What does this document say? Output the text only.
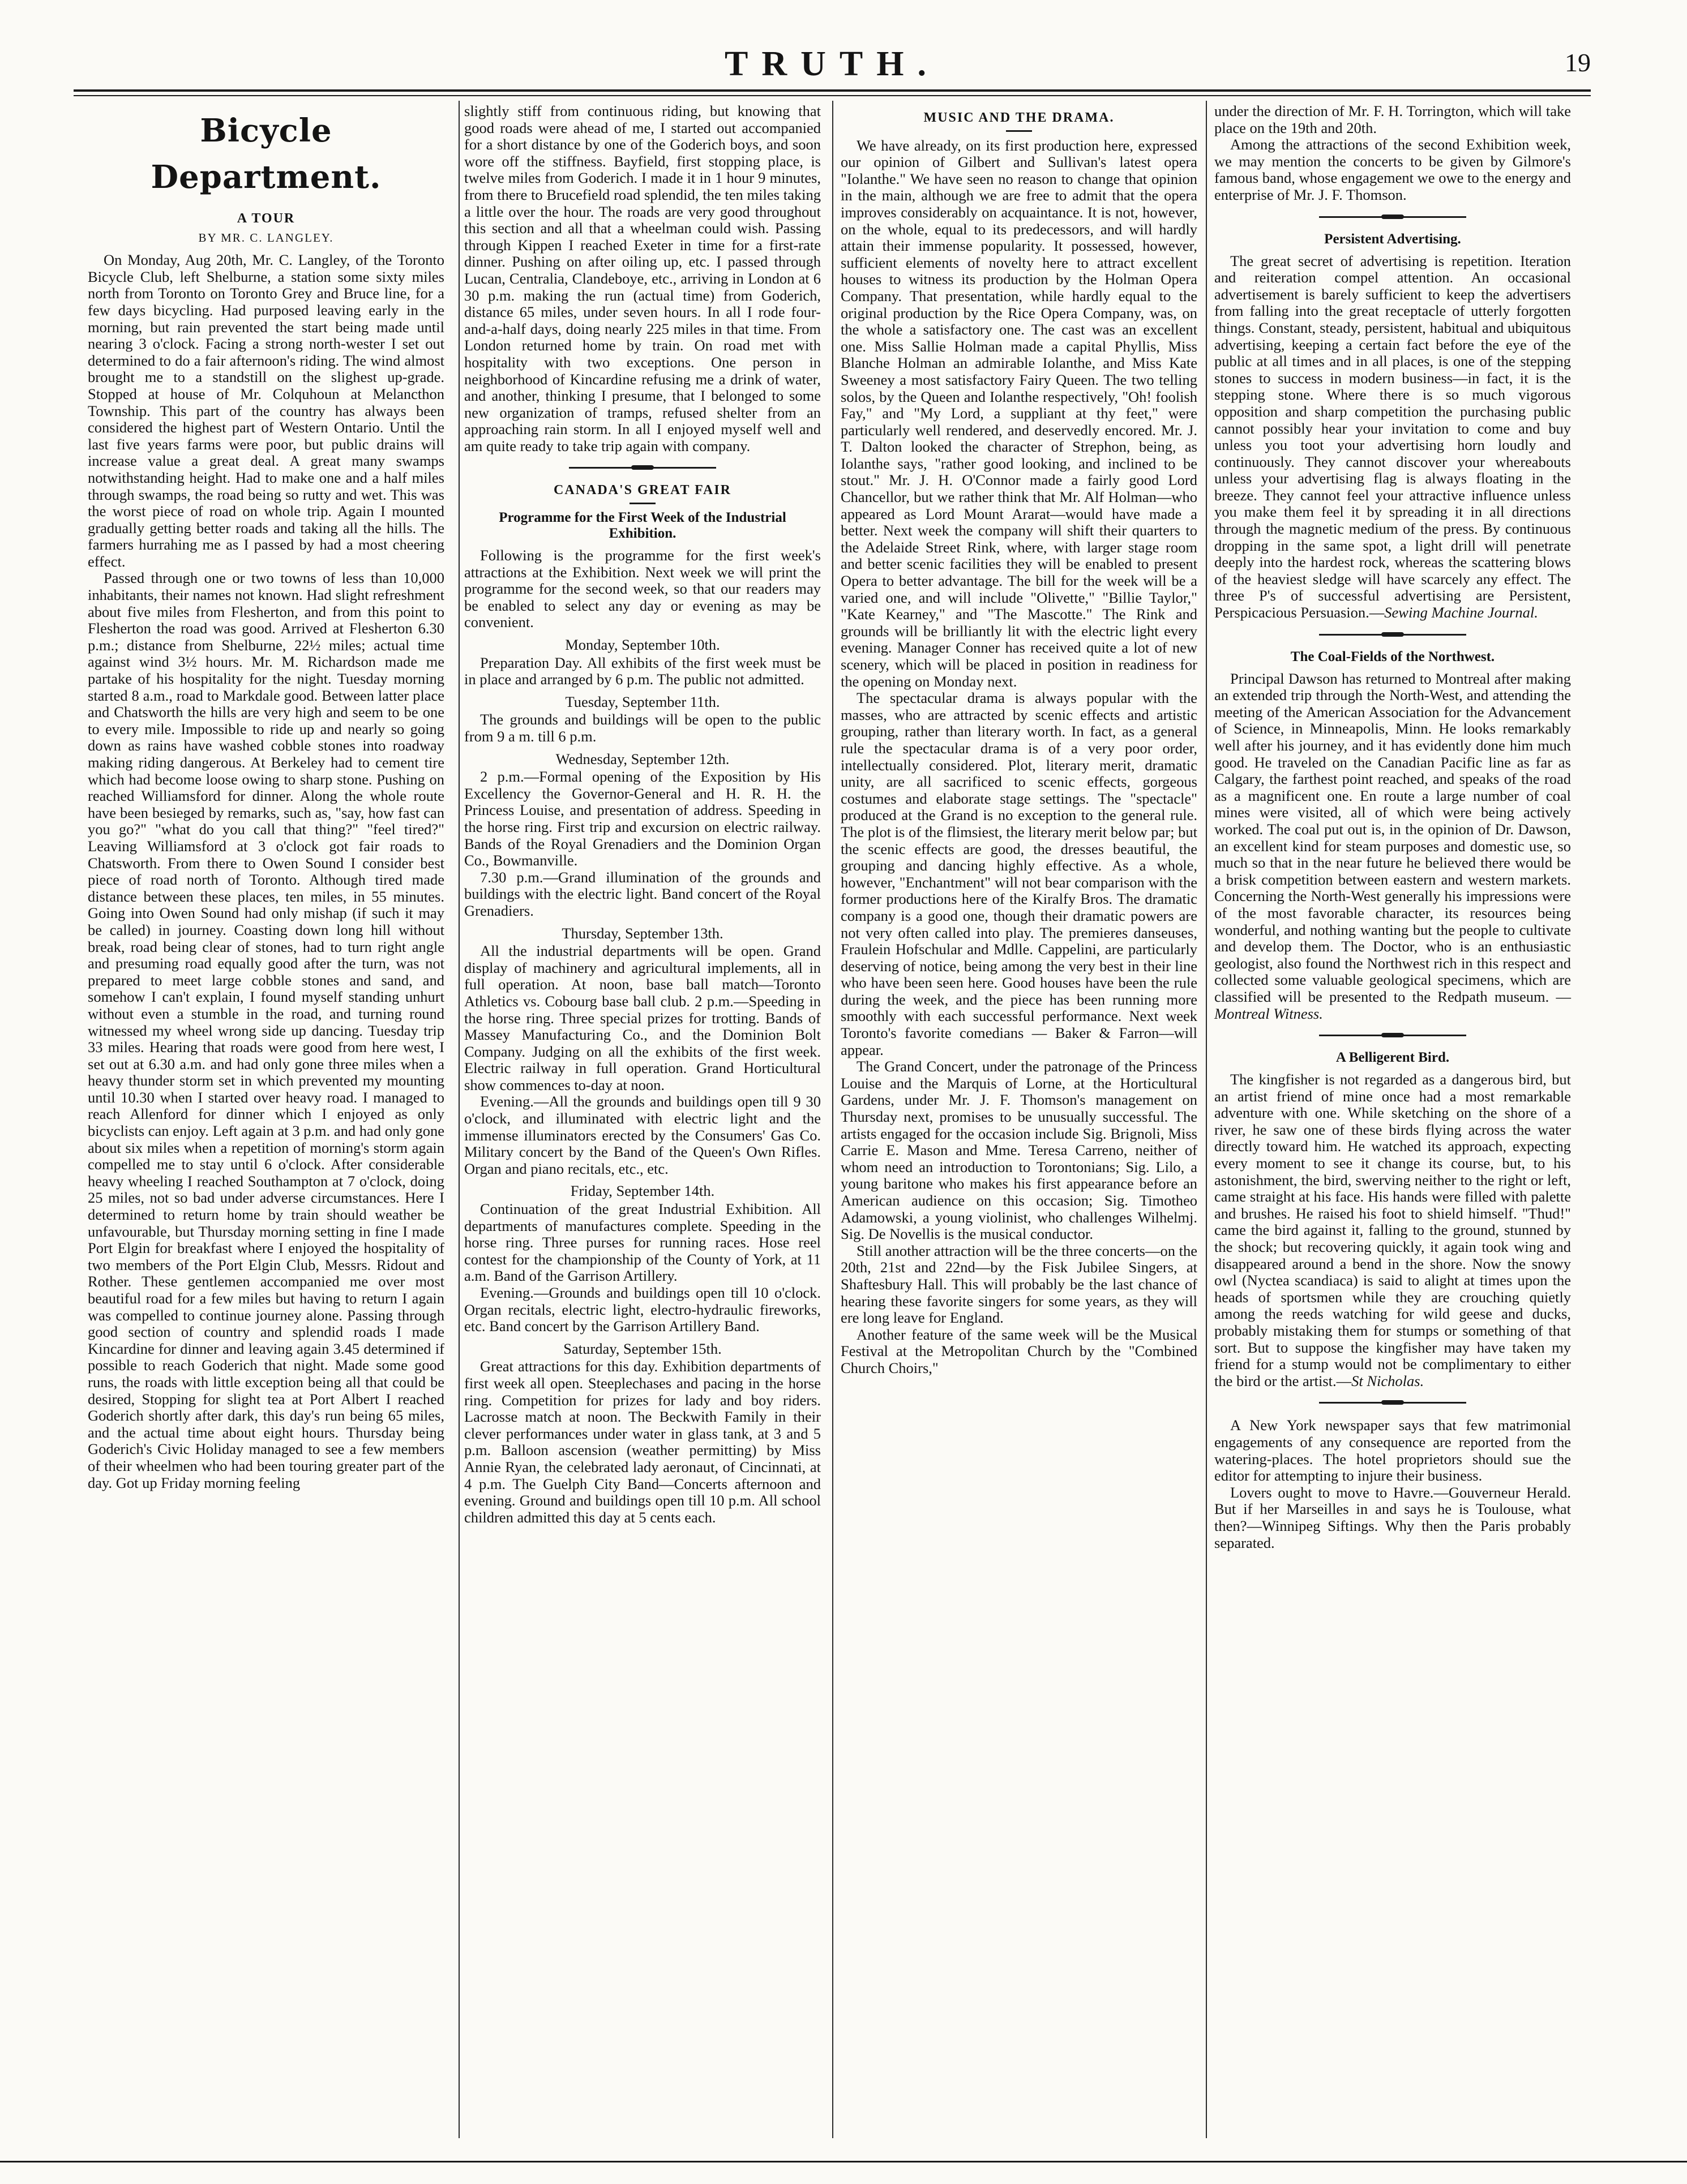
TRUTH.	19
Bicycle Department.
A TOUR
BY MR. C. LANGLEY.

On Monday, Aug 20th, Mr. C. Langley, of the Toronto Bicycle Club, left Shelburne, a station some sixty miles north from Toronto on Toronto Grey and Bruce line, for a few days bicycling. Had purposed leaving early in the morning, but rain prevented the start being made until nearing 3 o'clock. Facing a strong north-wester I set out determined to do a fair afternoon's riding. The wind almost brought me to a standstill on the slighest up-grade. Stopped at house of Mr. Colquhoun at Melancthon Township. This part of the country has always been considered the highest part of Western Ontario. Until the last five years farms were poor, but public drains will increase value a great deal. A great many swamps notwithstanding height. Had to make one and a half miles through swamps, the road being so rutty and wet. This was the worst piece of road on whole trip. Again I mounted gradually getting better roads and taking all the hills. The farmers hurrahing me as I passed by had a most cheering effect.

Passed through one or two towns of less than 10,000 inhabitants, their names not known. Had slight refreshment about five miles from Flesherton, and from this point to Flesherton the road was good. Arrived at Flesherton 6.30 p.m.; distance from Shelburne, 22½ miles; actual time against wind 3½ hours. Mr. M. Richardson made me partake of his hospitality for the night. Tuesday morning started 8 a.m., road to Markdale good. Between latter place and Chatsworth the hills are very high and seem to be one to every mile. Impossible to ride up and nearly so going down as rains have washed cobble stones into roadway making riding dangerous. At Berkeley had to cement tire which had become loose owing to sharp stone. Pushing on reached Williamsford for dinner. Along the whole route have been besieged by remarks, such as, "say, how fast can you go?" "what do you call that thing?" "feel tired?" Leaving Williamsford at 3 o'clock got fair roads to Chatsworth. From there to Owen Sound I consider best piece of road north of Toronto. Although tired made distance between these places, ten miles, in 55 minutes. Going into Owen Sound had only mishap (if such it may be called) in journey. Coasting down long hill without break, road being clear of stones, had to turn right angle and presuming road equally good after the turn, was not prepared to meet large cobble stones and sand, and somehow I can't explain, I found myself standing unhurt without even a stumble in the road, and turning round witnessed my wheel wrong side up dancing. Tuesday trip 33 miles. Hearing that roads were good from here west, I set out at 6.30 a.m. and had only gone three miles when a heavy thunder storm set in which prevented my mounting until 10.30 when I started over heavy road. I managed to reach Allenford for dinner which I enjoyed as only bicyclists can enjoy. Left again at 3 p.m. and had only gone about six miles when a repetition of morning's storm again compelled me to stay until 6 o'clock. After considerable heavy wheeling I reached Southampton at 7 o'clock, doing 25 miles, not so bad under adverse circumstances. Here I determined to return home by train should weather be unfavourable, but Thursday morning setting in fine I made Port Elgin for breakfast where I enjoyed the hospitality of two members of the Port Elgin Club, Messrs. Ridout and Rother. These gentlemen accompanied me over most beautiful road for a few miles but having to return I again was compelled to continue journey alone. Passing through good section of country and splendid roads I made Kincardine for dinner and leaving again 3.45 determined if possible to reach Goderich that night. Made some good runs, the roads with little exception being all that could be desired, Stopping for slight tea at Port Albert I reached Goderich shortly after dark, this day's run being 65 miles, and the actual time about eight hours. Thursday being Goderich's Civic Holiday managed to see a few members of their wheelmen who had been touring greater part of the day. Got up Friday morning feeling

slightly stiff from continuous riding, but knowing that good roads were ahead of me, I started out accompanied for a short distance by one of the Goderich boys, and soon wore off the stiffness. Bayfield, first stopping place, is twelve miles from Goderich. I made it in 1 hour 9 minutes, from there to Brucefield road splendid, the ten miles taking a little over the hour. The roads are very good throughout this section and all that a wheelman could wish. Passing through Kippen I reached Exeter in time for a first-rate dinner. Pushing on after oiling up, etc. I passed through Lucan, Centralia, Clandeboye, etc., arriving in London at 6 30 p.m. making the run (actual time) from Goderich, distance 65 miles, under seven hours. In all I rode four-and-a-half days, doing nearly 225 miles in that time. From London returned home by train. On road met with hospitality with two exceptions. One person in neighborhood of Kincardine refusing me a drink of water, and another, thinking I presume, that I belonged to some new organization of tramps, refused shelter from an approaching rain storm. In all I enjoyed myself well and am quite ready to take trip again with company.

CANADA'S GREAT FAIR
Programme for the First Week of the Industrial Exhibition.

Following is the programme for the first week's attractions at the Exhibition. Next week we will print the programme for the second week, so that our readers may be enabled to select any day or evening as may be convenient.

Monday, September 10th.

Preparation Day. All exhibits of the first week must be in place and arranged by 6 p.m. The public not admitted.

Tuesday, September 11th.

The grounds and buildings will be open to the public from 9 a m. till 6 p.m.

Wednesday, September 12th.

2 p.m.—Formal opening of the Exposition by His Excellency the Governor-General and H. R. H. the Princess Louise, and presentation of address. Speeding in the horse ring. First trip and excursion on electric railway. Bands of the Royal Grenadiers and the Dominion Organ Co., Bowmanville.

7.30 p.m.—Grand illumination of the grounds and buildings with the electric light. Band concert of the Royal Grenadiers.

Thursday, September 13th.

All the industrial departments will be open. Grand display of machinery and agricultural implements, all in full operation. At noon, base ball match—Toronto Athletics vs. Cobourg base ball club. 2 p.m.—Speeding in the horse ring. Three special prizes for trotting. Bands of Massey Manufacturing Co., and the Dominion Bolt Company. Judging on all the exhibits of the first week. Electric railway in full operation. Grand Horticultural show commences to-day at noon.

Evening.—All the grounds and buildings open till 9 30 o'clock, and illuminated with electric light and the immense illuminators erected by the Consumers' Gas Co. Military concert by the Band of the Queen's Own Rifles. Organ and piano recitals, etc., etc.

Friday, September 14th.

Continuation of the great Industrial Exhibition. All departments of manufactures complete. Speeding in the horse ring. Three purses for running races. Hose reel contest for the championship of the County of York, at 11 a.m. Band of the Garrison Artillery.

Evening.—Grounds and buildings open till 10 o'clock. Organ recitals, electric light, electro-hydraulic fireworks, etc. Band concert by the Garrison Artillery Band.

Saturday, September 15th.

Great attractions for this day. Exhibition departments of first week all open. Steeplechases and pacing in the horse ring. Competition for prizes for lady and boy riders. Lacrosse match at noon. The Beckwith Family in their clever performances under water in glass tank, at 3 and 5 p.m. Balloon ascension (weather permitting) by Miss Annie Ryan, the celebrated lady aeronaut, of Cincinnati, at 4 p.m. The Guelph City Band—Concerts afternoon and evening. Ground and buildings open till 10 p.m. All school children admitted this day at 5 cents each.

MUSIC AND THE DRAMA.

We have already, on its first production here, expressed our opinion of Gilbert and Sullivan's latest opera "Iolanthe." We have seen no reason to change that opinion in the main, although we are free to admit that the opera improves considerably on acquaintance. It is not, however, on the whole, equal to its predecessors, and will hardly attain their immense popularity. It possessed, however, sufficient elements of novelty here to attract excellent houses to witness its production by the Holman Opera Company. That presentation, while hardly equal to the original production by the Rice Opera Company, was, on the whole a satisfactory one. The cast was an excellent one. Miss Sallie Holman made a capital Phyllis, Miss Blanche Holman an admirable Iolanthe, and Miss Kate Sweeney a most satisfactory Fairy Queen. The two telling solos, by the Queen and Iolanthe respectively, "Oh! foolish Fay," and "My Lord, a suppliant at thy feet," were particularly well rendered, and deservedly encored. Mr. J. T. Dalton looked the character of Strephon, being, as Iolanthe says, "rather good looking, and inclined to be stout." Mr. J. H. O'Connor made a fairly good Lord Chancellor, but we rather think that Mr. Alf Holman—who appeared as Lord Mount Ararat—would have made a better. Next week the company will shift their quarters to the Adelaide Street Rink, where, with larger stage room and better scenic facilities they will be enabled to present Opera to better advantage. The bill for the week will be a varied one, and will include "Olivette," "Billie Taylor," "Kate Kearney," and "The Mascotte." The Rink and grounds will be brilliantly lit with the electric light every evening. Manager Conner has received quite a lot of new scenery, which will be placed in position in readiness for the opening on Monday next.

The spectacular drama is always popular with the masses, who are attracted by scenic effects and artistic grouping, rather than literary worth. In fact, as a general rule the spectacular drama is of a very poor order, intellectually considered. Plot, literary merit, dramatic unity, are all sacrificed to scenic effects, gorgeous costumes and elaborate stage settings. The "spectacle" produced at the Grand is no exception to the general rule. The plot is of the flimsiest, the literary merit below par; but the scenic effects are good, the dresses beautiful, the grouping and dancing highly effective. As a whole, however, "Enchantment" will not bear comparison with the former productions here of the Kiralfy Bros. The dramatic company is a good one, though their dramatic powers are not very often called into play. The premieres danseuses, Fraulein Hofschular and Mdlle. Cappelini, are particularly deserving of notice, being among the very best in their line who have been seen here. Good houses have been the rule during the week, and the piece has been running more smoothly with each successful performance. Next week Toronto's favorite comedians — Baker & Farron—will appear.

The Grand Concert, under the patronage of the Princess Louise and the Marquis of Lorne, at the Horticultural Gardens, under Mr. J. F. Thomson's management on Thursday next, promises to be unusually successful. The artists engaged for the occasion include Sig. Brignoli, Miss Carrie E. Mason and Mme. Teresa Carreno, neither of whom need an introduction to Torontonians; Sig. Lilo, a young baritone who makes his first appearance before an American audience on this occasion; Sig. Timotheo Adamowski, a young violinist, who challenges Wilhelmj. Sig. De Novellis is the musical conductor.

Still another attraction will be the three concerts—on the 20th, 21st and 22nd—by the Fisk Jubilee Singers, at Shaftesbury Hall. This will probably be the last chance of hearing these favorite singers for some years, as they will ere long leave for England.

Another feature of the same week will be the Musical Festival at the Metropolitan Church by the "Combined Church Choirs,"

under the direction of Mr. F. H. Torrington, which will take place on the 19th and 20th.

Among the attractions of the second Exhibition week, we may mention the concerts to be given by Gilmore's famous band, whose engagement we owe to the energy and enterprise of Mr. J. F. Thomson.

Persistent Advertising.

The great secret of advertising is repetition. Iteration and reiteration compel attention. An occasional advertisement is barely sufficient to keep the advertisers from falling into the great receptacle of utterly forgotten things. Constant, steady, persistent, habitual and ubiquitous advertising, keeping a certain fact before the eye of the public at all times and in all places, is one of the stepping stones to success in modern business—in fact, it is the stepping stone. Where there is so much vigorous opposition and sharp competition the purchasing public cannot possibly hear your invitation to come and buy unless you toot your advertising horn loudly and continuously. They cannot discover your whereabouts unless your advertising flag is always floating in the breeze. They cannot feel your attractive influence unless you make them feel it by spreading it in all directions through the magnetic medium of the press. By continuous dropping in the same spot, a light drill will penetrate deeply into the hardest rock, whereas the scattering blows of the heaviest sledge will have scarcely any effect. The three P's of successful advertising are Persistent, Perspicacious Persuasion.—Sewing Machine Journal.

The Coal-Fields of the Northwest.

Principal Dawson has returned to Montreal after making an extended trip through the North-West, and attending the meeting of the American Association for the Advancement of Science, in Minneapolis, Minn. He looks remarkably well after his journey, and it has evidently done him much good. He traveled on the Canadian Pacific line as far as Calgary, the farthest point reached, and speaks of the road as a magnificent one. En route a large number of coal mines were visited, all of which were being actively worked. The coal put out is, in the opinion of Dr. Dawson, an excellent kind for steam purposes and domestic use, so much so that in the near future he believed there would be a brisk competition between eastern and western markets. Concerning the North-West generally his impressions were of the most favorable character, its resources being wonderful, and nothing wanting but the people to cultivate and develop them. The Doctor, who is an enthusiastic geologist, also found the Northwest rich in this respect and collected some valuable geological specimens, which are classified will be presented to the Redpath museum. — Montreal Witness.

A Belligerent Bird.

The kingfisher is not regarded as a dangerous bird, but an artist friend of mine once had a most remarkable adventure with one. While sketching on the shore of a river, he saw one of these birds flying across the water directly toward him. He watched its approach, expecting every moment to see it change its course, but, to his astonishment, the bird, swerving neither to the right or left, came straight at his face. His hands were filled with palette and brushes. He raised his foot to shield himself. "Thud!" came the bird against it, falling to the ground, stunned by the shock; but recovering quickly, it again took wing and disappeared around a bend in the shore. Now the snowy owl (Nyctea scandiaca) is said to alight at times upon the heads of sportsmen while they are crouching quietly among the reeds watching for wild geese and ducks, probably mistaking them for stumps or something of that sort. But to suppose the kingfisher may have taken my friend for a stump would not be complimentary to either the bird or the artist.—St Nicholas.

A New York newspaper says that few matrimonial engagements of any consequence are reported from the watering-places. The hotel proprietors should sue the editor for attempting to injure their business.

Lovers ought to move to Havre.—Gouverneur Herald. But if her Marseilles in and says he is Toulouse, what then?—Winnipeg Siftings. Why then the Paris probably separated.
